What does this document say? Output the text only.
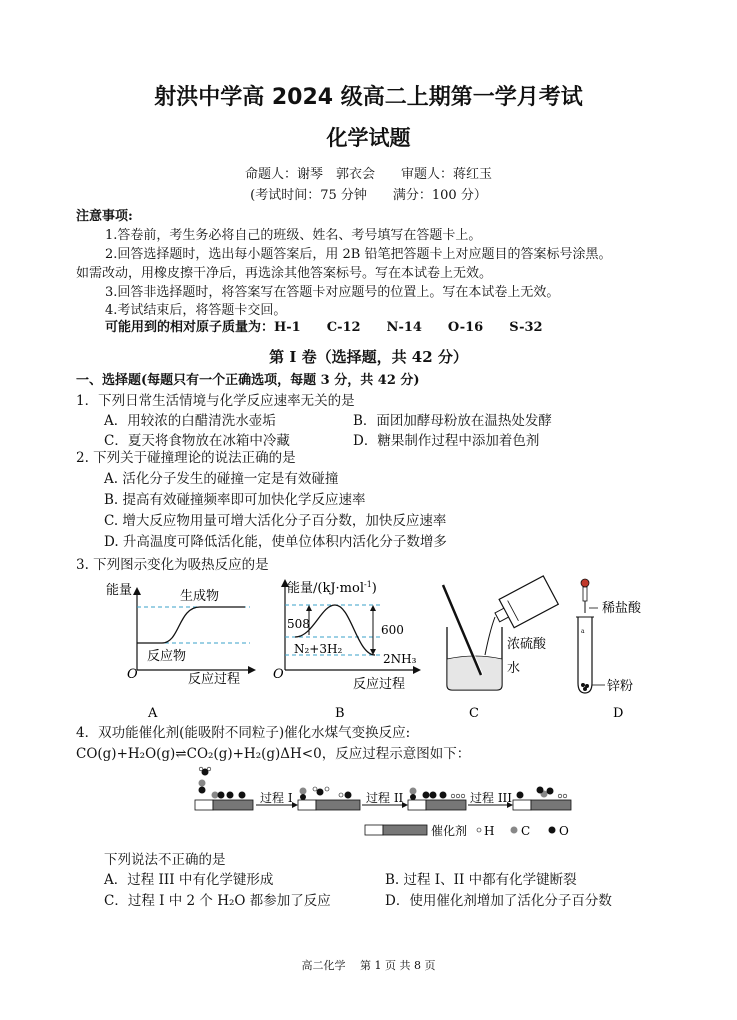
射洪中学高 2024 级高二上期第一学月考试
化学试题
命题人：谢琴　郭衣会　　审题人：蒋红玉
(考试时间：75 分钟　　满分：100 分）
注意事项:
1.答卷前，考生务必将自己的班级、姓名、考号填写在答题卡上。
2.回答选择题时，选出每小题答案后，用 2B 铅笔把答题卡上对应题目的答案标号涂黑。
如需改动，用橡皮擦干净后，再选涂其他答案标号。写在本试卷上无效。
3.回答非选择题时，将答案写在答题卡对应题号的位置上。写在本试卷上无效。
4.考试结束后，将答题卡交回。
可能用到的相对原子质量为：H-1　　C-12　　N-14　　O-16　　S-32
第 I 卷（选择题，共 42 分）
一、选择题(每题只有一个正确选项，每题 3 分，共 42 分)
1．下列日常生活情境与化学反应速率无关的是
A．用较浓的白醋清洗水壶垢	B．面团加酵母粉放在温热处发酵
C．夏天将食物放在冰箱中冷藏	D．糖果制作过程中添加着色剂
2. 下列关于碰撞理论的说法正确的是
A. 活化分子发生的碰撞一定是有效碰撞
B. 提高有效碰撞频率即可加快化学反应速率
C. 增大反应物用量可增大活化分子百分数，加快反应速率
D. 升高温度可降低活化能，使单位体积内活化分子数增多
3. 下列图示变化为吸热反应的是
能量	生成物
反应物
O	反应过程
A
能量/(kJ·mol$^{-1}$)
508	600
N₂+3H₂
2NH₃
O
反应过程
B
浓硫酸
水
C
a
稀盐酸
锌粉
D
4．双功能催化剂(能吸附不同粒子)催化水煤气变换反应:
CO(g)+H₂O(g)⇌CO₂(g)+H₂(g)ΔH<0，反应过程示意图如下：
过程 I	过程 II	过程 III
催化剂 H C O
下列说法不正确的是
A．过程 III 中有化学键形成	B. 过程 I、II 中都有化学键断裂
C．过程 I 中 2 个 H₂O 都参加了反应	D．使用催化剂增加了活化分子百分数
高二化学　 第 1 页 共 8 页
